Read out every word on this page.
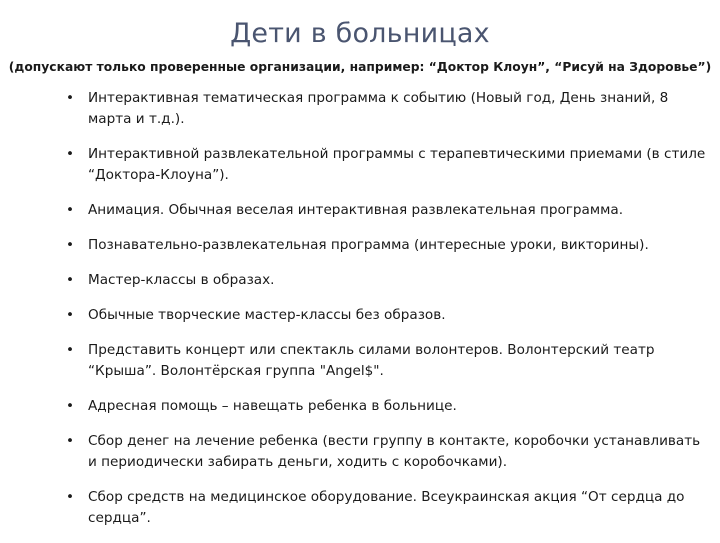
Дети в больницах
(допускают только проверенные организации, например: “Доктор Клоун”, “Рисуй на Здоровье”)
• Интерактивная тематическая программа к событию (Новый год, День знаний, 8 марта и т.д.).
• Интерактивной развлекательной программы с терапевтическими приемами (в стиле “Доктора-Клоуна”).
• Анимация. Обычная веселая интерактивная развлекательная программа.
• Познавательно-развлекательная программа (интересные уроки, викторины).
• Мастер-классы в образах.
• Обычные творческие мастер-классы без образов.
• Представить концерт или спектакль силами волонтеров. Волонтерский театр “Крыша”. Волонтёрская группа "Angel$".
• Адресная помощь – навещать ребенка в больнице.
• Сбор денег на лечение ребенка (вести группу в контакте, коробочки устанавливать и периодически забирать деньги, ходить с коробочками).
• Сбор средств на медицинское оборудование. Всеукраинская акция “От сердца до сердца”.
